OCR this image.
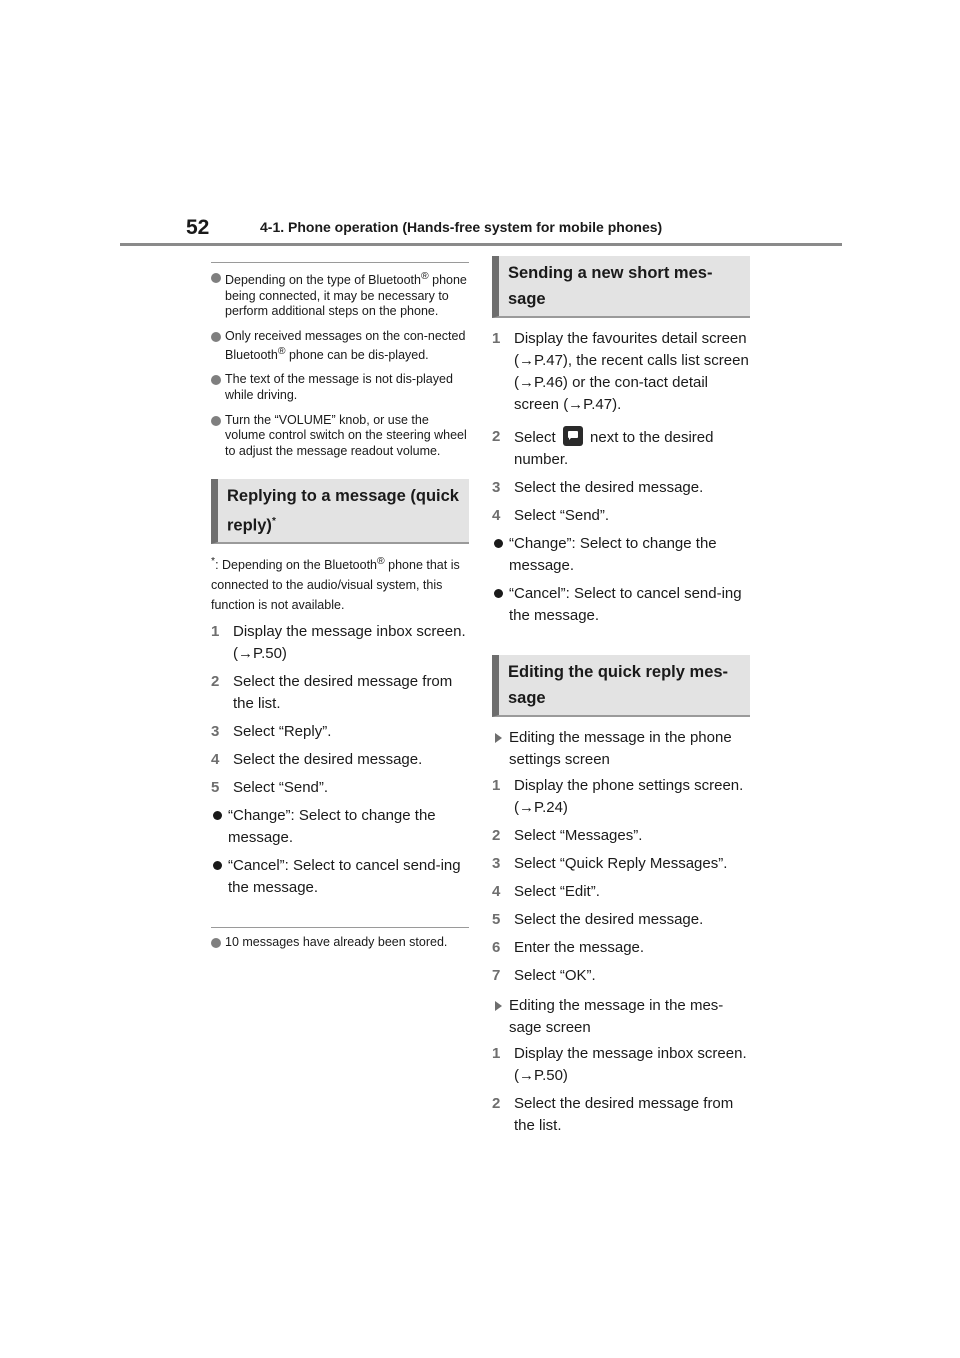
52	4-1. Phone operation (Hands-free system for mobile phones)
Depending on the type of Bluetooth® phone being connected, it may be necessary to perform additional steps on the phone.
Only received messages on the con-nected Bluetooth® phone can be dis-played.
The text of the message is not dis-played while driving.
Turn the “VOLUME” knob, or use the volume control switch on the steering wheel to adjust the message readout volume.
Replying to a message (quick reply)*
*: Depending on the Bluetooth® phone that is connected to the audio/visual system, this function is not available.
1 Display the message inbox screen. (→P.50)
2 Select the desired message from the list.
3 Select “Reply”.
4 Select the desired message.
5 Select “Send”.
“Change”: Select to change the message.
“Cancel”: Select to cancel send-ing the message.
10 messages have already been stored.
Sending a new short mes-sage
1 Display the favourites detail screen (→P.47), the recent calls list screen (→P.46) or the con-tact detail screen (→P.47).
2 Select next to the desired number.
3 Select the desired message.
4 Select “Send”.
“Change”: Select to change the message.
“Cancel”: Select to cancel send-ing the message.
Editing the quick reply mes-sage
Editing the message in the phone settings screen
1 Display the phone settings screen. (→P.24)
2 Select “Messages”.
3 Select “Quick Reply Messages”.
4 Select “Edit”.
5 Select the desired message.
6 Enter the message.
7 Select “OK”.
Editing the message in the mes-sage screen
1 Display the message inbox screen. (→P.50)
2 Select the desired message from the list.
